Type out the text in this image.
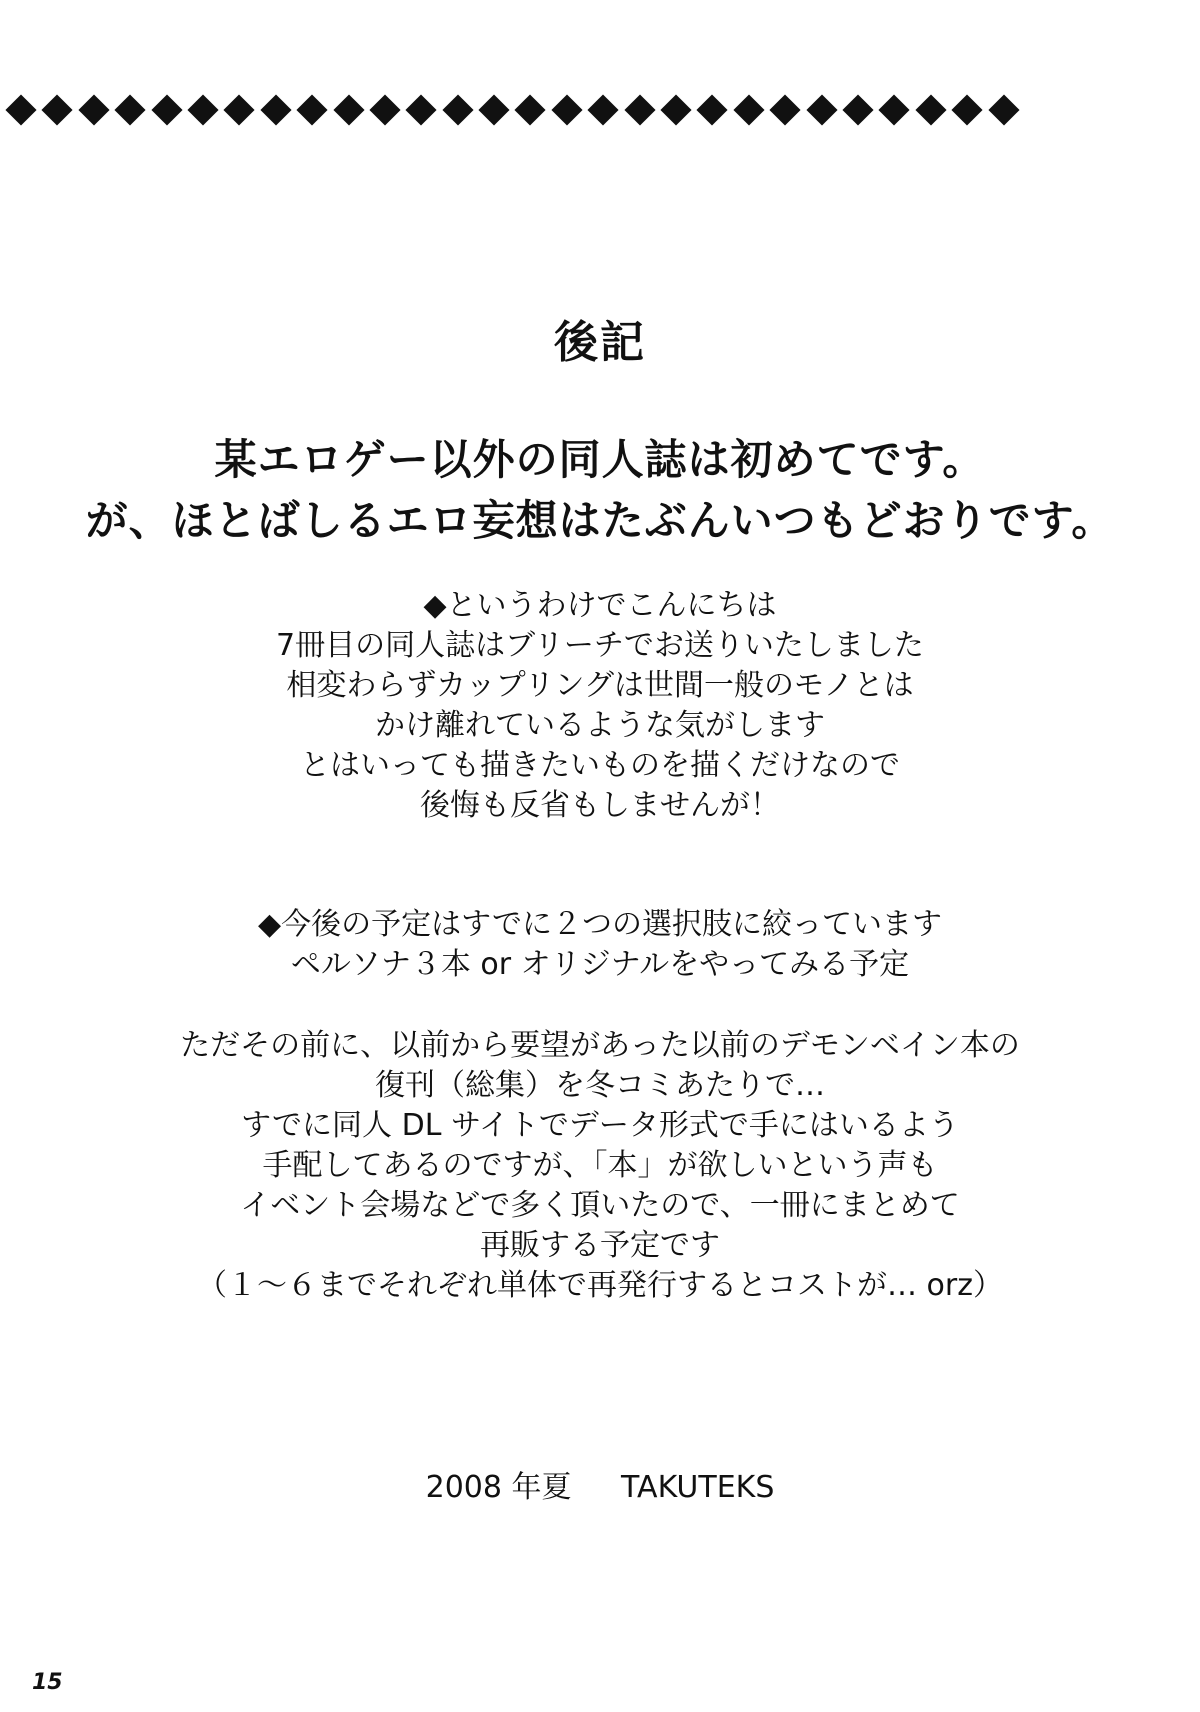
後記
某エロゲー以外の同人誌は初めてです。
が、ほとばしるエロ妄想はたぶんいつもどおりです。
◆というわけでこんにちは
7冊目の同人誌はブリーチでお送りいたしました
相変わらずカップリングは世間一般のモノとは
かけ離れているような気がします
とはいっても描きたいものを描くだけなので
後悔も反省もしませんが！
◆今後の予定はすでに２つの選択肢に絞っています
ペルソナ３本 or オリジナルをやってみる予定
ただその前に、以前から要望があった以前のデモンベイン本の
復刊（総集）を冬コミあたりで…
すでに同人 DL サイトでデータ形式で手にはいるよう
手配してあるのですが、「本」が欲しいという声も
イベント会場などで多く頂いたので、一冊にまとめて
再販する予定です
（１～６までそれぞれ単体で再発行するとコストが… orz）
2008 年夏 TAKUTEKS
15
